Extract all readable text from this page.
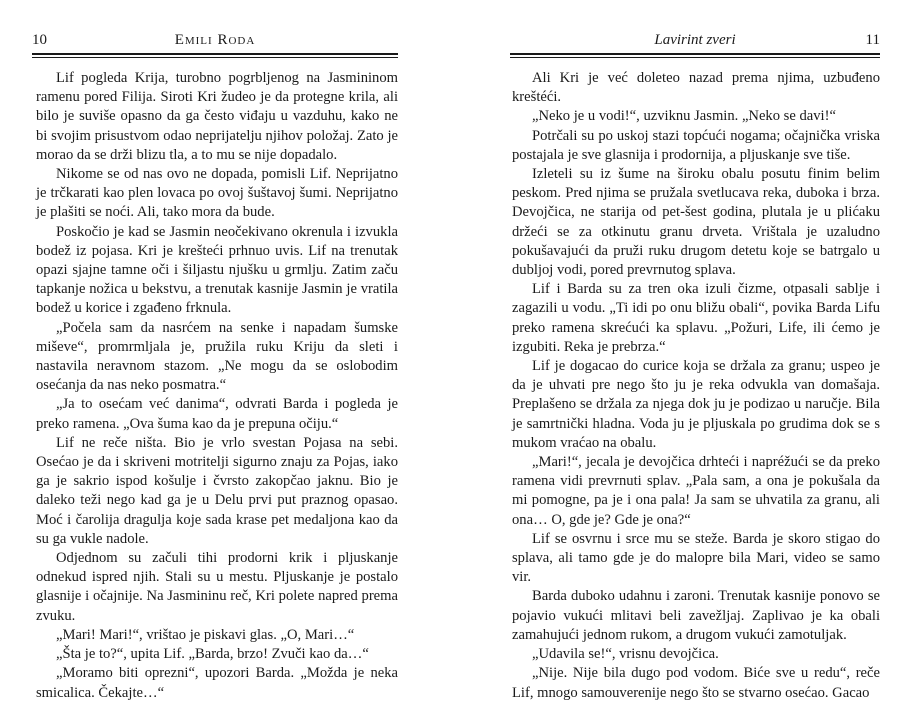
10	Emili Roda

Lif pogleda Krija, turobno pogrbljenog na Jasmininom ramenu pored Filija. Siroti Kri žudeo je da protegne krila, ali bilo je suviše opasno da ga često viđaju u vazduhu, kako ne bi svojim prisustvom odao neprijatelju njihov položaj. Zato je morao da se drži blizu tla, a to mu se nije dopadalo.

Nikome se od nas ovo ne dopada, pomisli Lif. Neprijatno je trčkarati kao plen lovaca po ovoj šuštavoj šumi. Neprijatno je plašiti se noći. Ali, tako mora da bude.

Poskočio je kad se Jasmin neočekivano okrenula i izvukla bodež iz pojasa. Kri je krešteći prhnuo uvis. Lif na trenutak opazi sjajne tamne oči i šiljastu njušku u grmlju. Zatim začu tapkanje nožica u bekstvu, a trenutak kasnije Jasmin je vratila bodež u korice i zgađeno frknula.

„Počela sam da nasrćem na senke i napadam šumske miševe“, promrmljala je, pružila ruku Kriju da sleti i nastavila neravnom stazom. „Ne mogu da se oslobodim osećanja da nas neko posmatra.“

„Ja to osećam već danima“, odvrati Barda i pogleda je preko ramena. „Ova šuma kao da je prepuna očiju.“

Lif ne reče ništa. Bio je vrlo svestan Pojasa na sebi. Osećao je da i skriveni motritelji sigurno znaju za Pojas, iako ga je sakrio ispod košulje i čvrsto zakopčao jaknu. Bio je daleko teži nego kad ga je u Delu prvi put praznog opasao. Moć i čarolija dragulja koje sada krase pet medaljona kao da su ga vukle nadole.

Odjednom su začuli tihi prodorni krik i pljuskanje odnekud ispred njih. Stali su u mestu. Pljuskanje je postalo glasnije i očajnije. Na Jasmininu reč, Kri polete napred prema zvuku.

„Mari! Mari!“, vrištao je piskavi glas. „O, Mari…“

„Šta je to?“, upita Lif. „Barda, brzo! Zvuči kao da…“

„Moramo biti oprezni“, upozori Barda. „Možda je neka smicalica. Čekajte…“

Lavirint zveri	11

Ali Kri je već doleteo nazad prema njima, uzbuđeno kreštéći.

„Neko je u vodi!“, uzviknu Jasmin. „Neko se davi!“

Potrčali su po uskoj stazi topćući nogama; očajnička vriska postajala je sve glasnija i prodornija, a pljuskanje sve tiše.

Izleteli su iz šume na široku obalu posutu finim belim peskom. Pred njima se pružala svetlucava reka, duboka i brza. Devojčica, ne starija od pet-šest godina, plutala je u plićaku držeći se za otkinutu granu drveta. Vrištala je uzaludno pokušavajući da pruži ruku drugom detetu koje se batrgalo u dubljoj vodi, pored prevrnutog splava.

Lif i Barda su za tren oka izuli čizme, otpasali sablje i zagazili u vodu. „Ti idi po onu bližu obali“, povika Barda Lifu preko ramena skrećući ka splavu. „Požuri, Life, ili ćemo je izgubiti. Reka je prebrza.“

Lif je dogacao do curice koja se držala za granu; uspeo je da je uhvati pre nego što ju je reka odvukla van domašaja. Preplašeno se držala za njega dok ju je podizao u naručje. Bila je samrtnički hladna. Voda ju je pljuskala po grudima dok se s mukom vraćao na obalu.

„Mari!“, jecala je devojčica drhteći i napréžući se da preko ramena vidi prevrnuti splav. „Pala sam, a ona je pokušala da mi pomogne, pa je i ona pala! Ja sam se uhvatila za granu, ali ona… O, gde je? Gde je ona?“

Lif se osvrnu i srce mu se steže. Barda je skoro stigao do splava, ali tamo gde je do malopre bila Mari, video se samo vir.

Barda duboko udahnu i zaroni. Trenutak kasnije ponovo se pojavio vukući mlitavi beli zavežljaj. Zaplivao je ka obali zamahujući jednom rukom, a drugom vukući zamotuljak.

„Udavila se!“, vrisnu devojčica.

„Nije. Nije bila dugo pod vodom. Biće sve u redu“, reče Lif, mnogo samouverenije nego što se stvarno osećao. Gacao
